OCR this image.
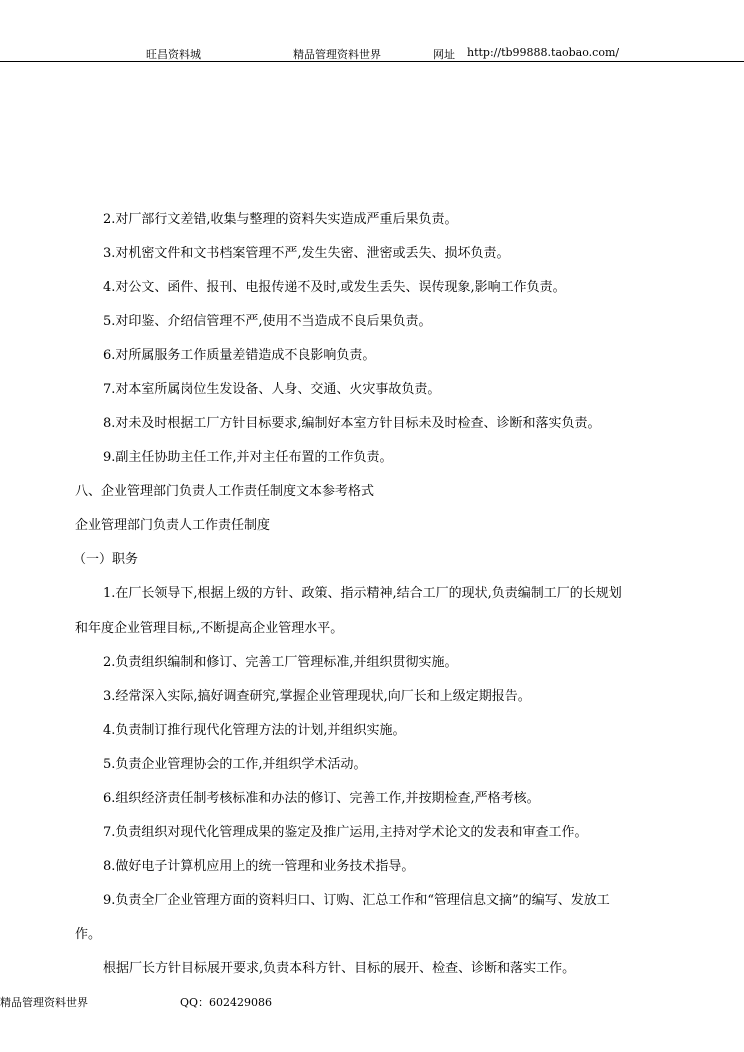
旺昌资料城	精品管理资料世界	网址 http://tb99888.taobao.com/
2.对厂部行文差错,收集与整理的资料失实造成严重后果负责。
3.对机密文件和文书档案管理不严,发生失密、泄密或丢失、损坏负责。
4.对公文、函件、报刊、电报传递不及时,或发生丢失、误传现象,影响工作负责。
5.对印鉴、介绍信管理不严,使用不当造成不良后果负责。
6.对所属服务工作质量差错造成不良影响负责。
7.对本室所属岗位生发设备、人身、交通、火灾事故负责。
8.对未及时根据工厂方针目标要求,编制好本室方针目标未及时检查、诊断和落实负责。
9.副主任协助主任工作,并对主任布置的工作负责。
八、企业管理部门负责人工作责任制度文本参考格式
企业管理部门负责人工作责任制度
（一）职务
1.在厂长领导下,根据上级的方针、政策、指示精神,结合工厂的现状,负责编制工厂的长规划
和年度企业管理目标,,不断提高企业管理水平。
2.负责组织编制和修订、完善工厂管理标准,并组织贯彻实施。
3.经常深入实际,搞好调查研究,掌握企业管理现状,向厂长和上级定期报告。
4.负责制订推行现代化管理方法的计划,并组织实施。
5.负责企业管理协会的工作,并组织学术活动。
6.组织经济责任制考核标准和办法的修订、完善工作,并按期检查,严格考核。
7.负责组织对现代化管理成果的鉴定及推广运用,主持对学术论文的发表和审查工作。
8.做好电子计算机应用上的统一管理和业务技术指导。
9.负责全厂企业管理方面的资料归口、订购、汇总工作和“管理信息文摘”的编写、发放工
作。
根据厂长方针目标展开要求,负责本科方针、目标的展开、检查、诊断和落实工作。
精品管理资料世界	QQ：602429086
